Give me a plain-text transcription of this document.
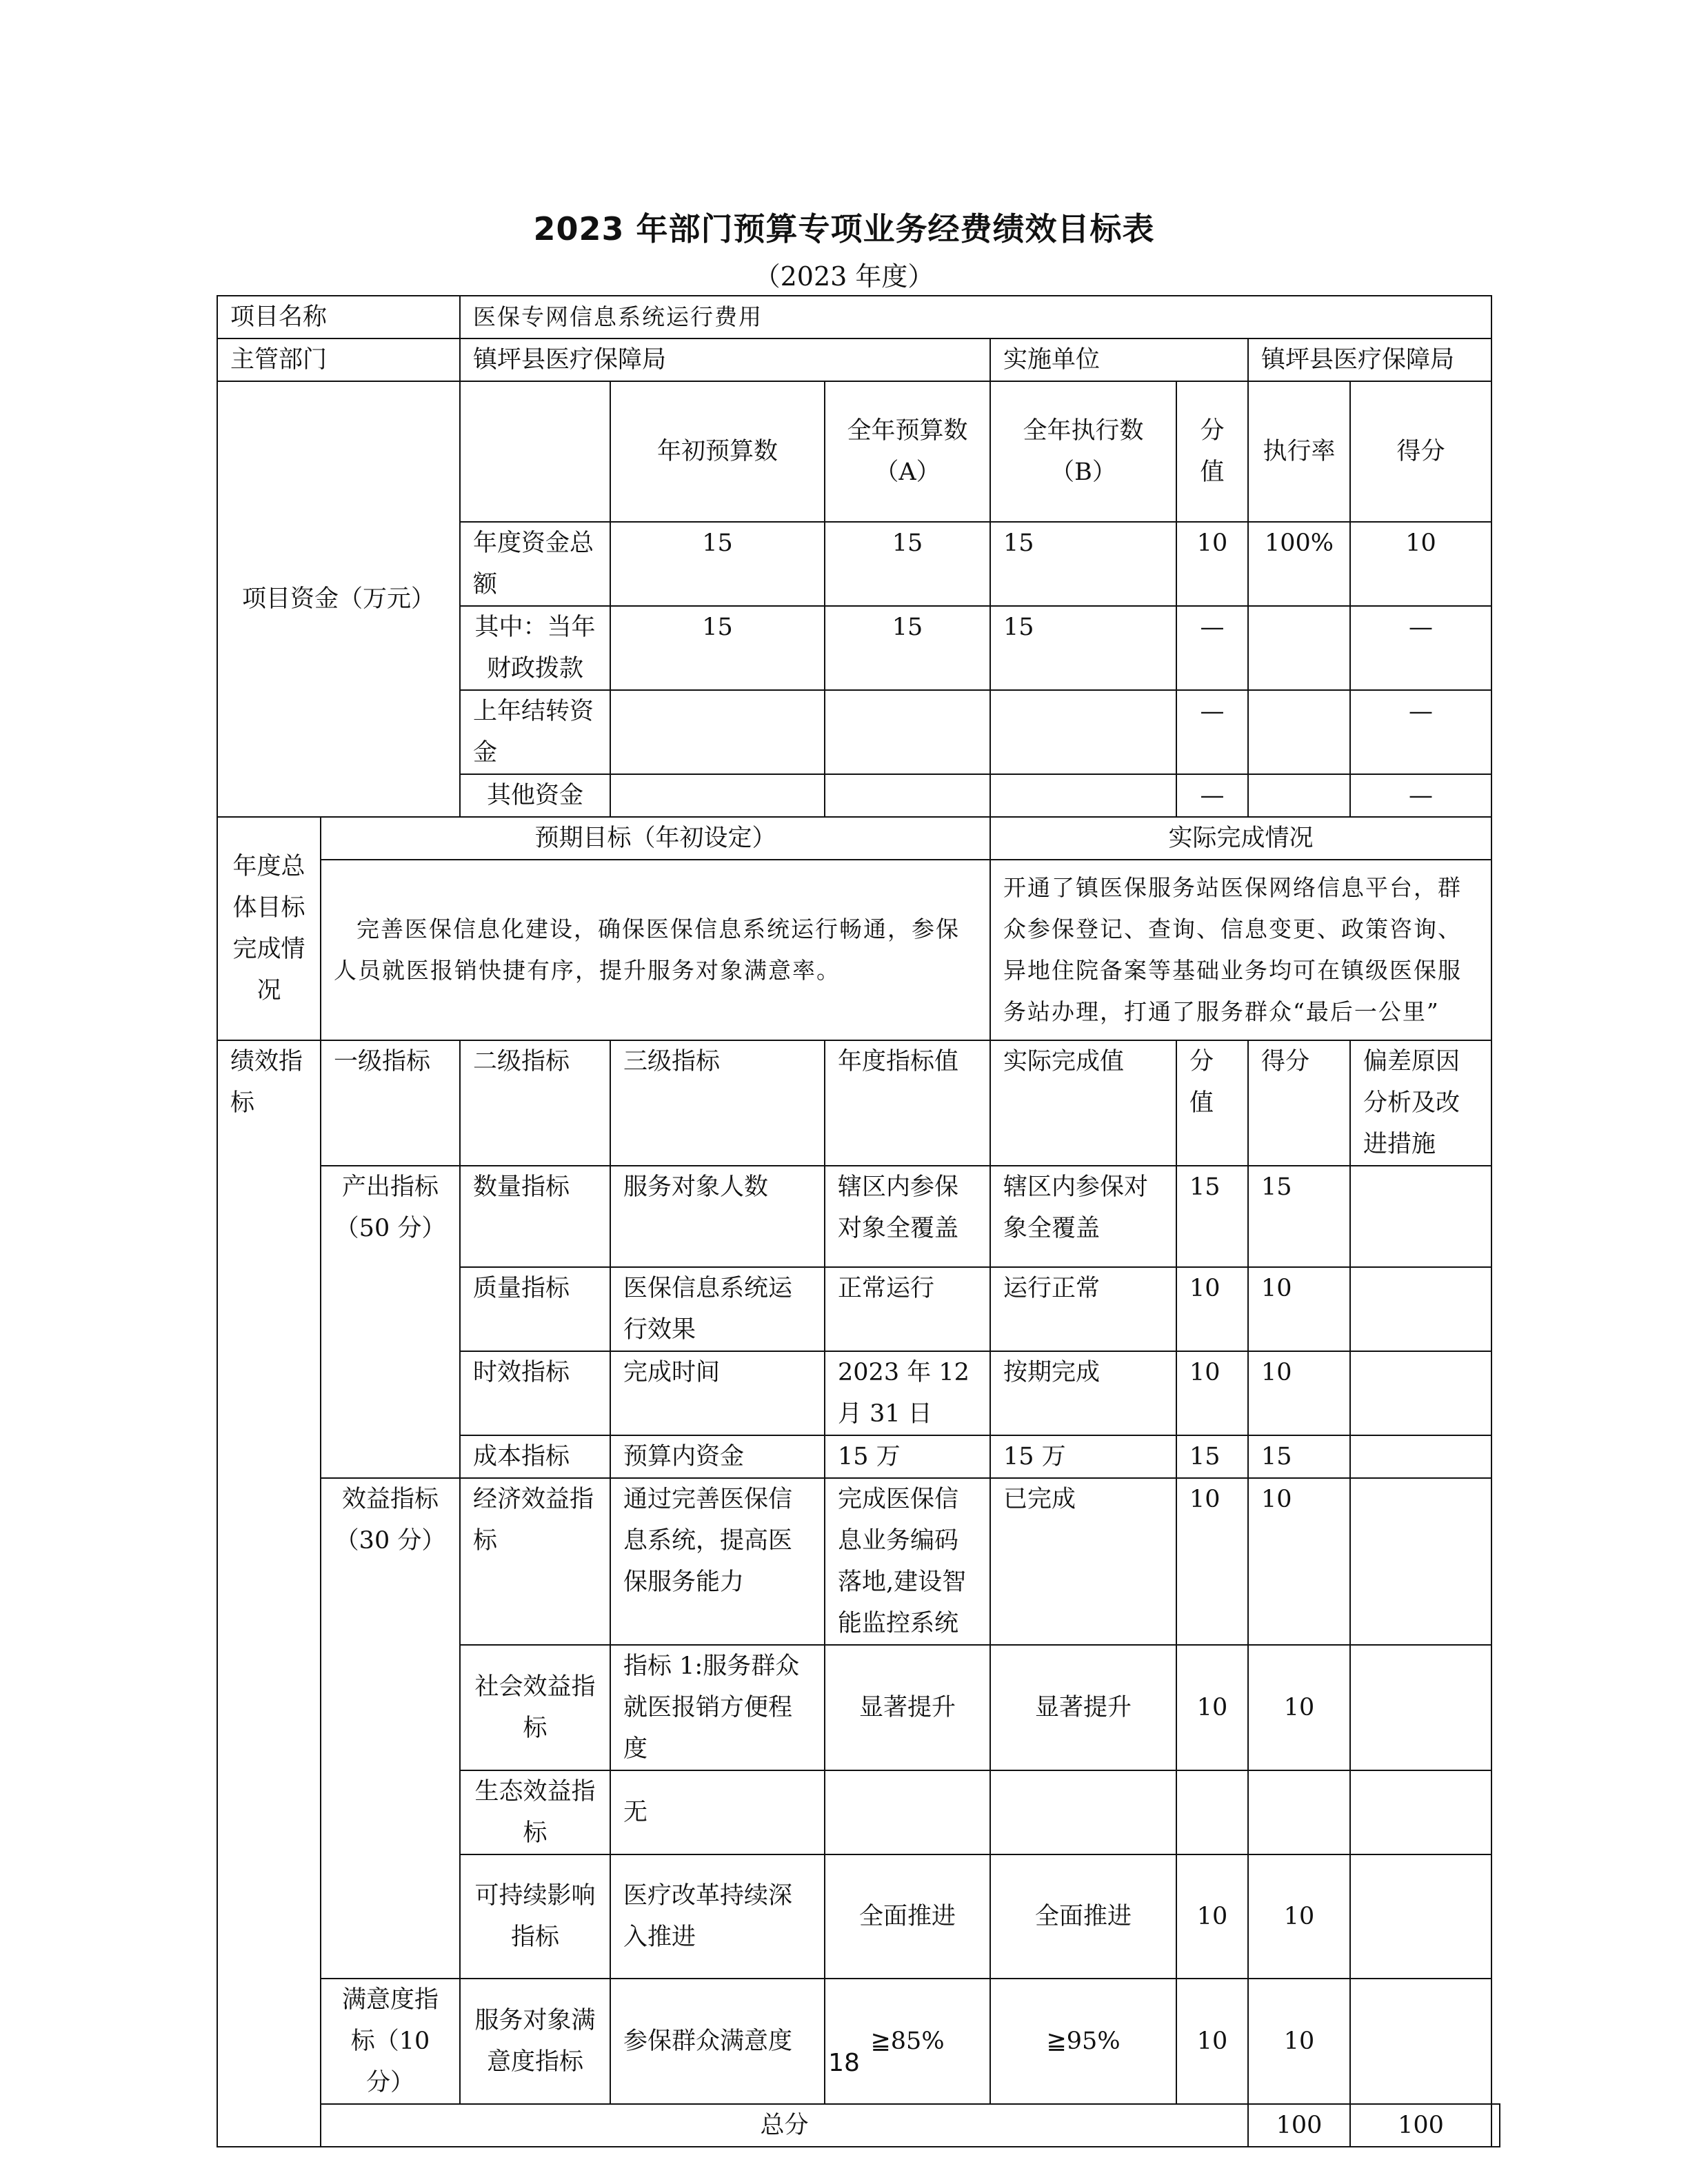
2023 年部门预算专项业务经费绩效目标表
（2023 年度）
项目名称		医保专网信息系统运行费用							
主管部门		镇坪县医疗保障局			实施单位		镇坪县医疗保障局		
项目资金（万元）			年初预算数	全年预算数（A）	全年执行数（B）	分值	执行率	得分	
		年度资金总额	15	15	15	10	100%	10	
		其中：当年财政拨款	15	15	15	—		—	
		上年结转资金				—		—	
		其他资金				—		—	
年度总体目标完成情况	预期目标（年初设定）				实际完成情况				
	完善医保信息化建设，确保医保信息系统运行畅通，参保人员就医报销快捷有序，提升服务对象满意率。				开通了镇医保服务站医保网络信息平台，群众参保登记、查询、信息变更、政策咨询、异地住院备案等基础业务均可在镇级医保服务站办理，打通了服务群众“最后一公里”				
绩效指标	一级指标	二级指标	三级指标	年度指标值	实际完成值	分值	得分	偏差原因分析及改进措施	
	产出指标（50 分）	数量指标	服务对象人数	辖区内参保对象全覆盖	辖区内参保对象全覆盖	15	15		
		质量指标	医保信息系统运行效果	正常运行	运行正常	10	10		
		时效指标	完成时间	2023 年 12 月 31 日	按期完成	10	10		
		成本指标	预算内资金	15 万	15 万	15	15		
	效益指标（30 分）	经济效益指标	通过完善医保信息系统，提高医保服务能力	完成医保信息业务编码落地,建设智能监控系统	已完成	10	10		
		社会效益指标	指标 1:服务群众就医报销方便程度	显著提升	显著提升	10	10		
		生态效益指标	无						
		可持续影响指标	医疗改革持续深入推进	全面推进	全面推进	10	10		
	满意度指标（10 分）	服务对象满意度指标	参保群众满意度	≧85%	≧95%	10	10		
	总分						100	100	
18
